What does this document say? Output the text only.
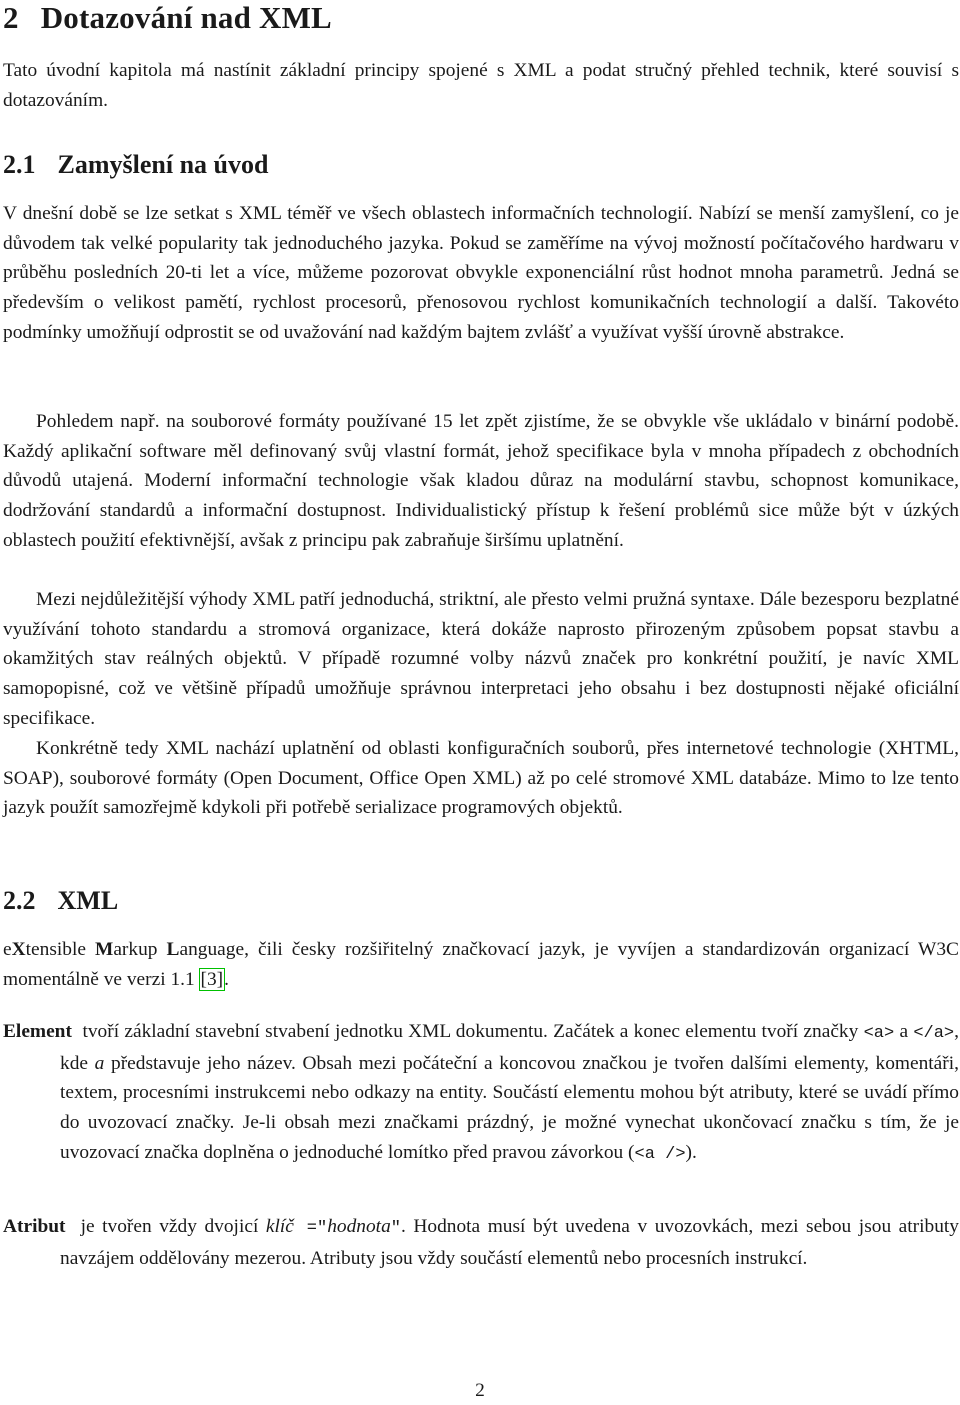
2 Dotazování nad XML

Tato úvodní kapitola má nastínit základní principy spojené s XML a podat stručný přehled technik, které souvisí s dotazováním.

2.1 Zamyšlení na úvod

V dnešní době se lze setkat s XML téměř ve všech oblastech informačních technologií. Nabízí se menší zamyšlení, co je důvodem tak velké popularity tak jednoduchého jazyka. Pokud se zaměříme na vývoj možností počítačového hardwaru v průběhu posledních 20-ti let a více, můžeme pozorovat obvykle exponenciální růst hodnot mnoha parametrů. Jedná se především o velikost pamětí, rychlost procesorů, přenosovou rychlost komunikačních technologií a další. Takovéto podmínky umožňují odprostit se od uvažování nad každým bajtem zvlášť a využívat vyšší úrovně abstrakce.

Pohledem např. na souborové formáty používané 15 let zpět zjistíme, že se obvykle vše ukládalo v binární podobě. Každý aplikační software měl definovaný svůj vlastní formát, jehož specifikace byla v mnoha případech z obchodních důvodů utajená. Moderní informační technologie však kladou důraz na modulární stavbu, schopnost komunikace, dodržování standardů a informační dostupnost. Individualistický přístup k řešení problémů sice může být v úzkých oblastech použití efektivnější, avšak z principu pak zabraňuje širšímu uplatnění.

Mezi nejdůležitější výhody XML patří jednoduchá, striktní, ale přesto velmi pružná syntaxe. Dále bezesporu bezplatné využívání tohoto standardu a stromová organizace, která dokáže naprosto přirozeným způsobem popsat stavbu a okamžitých stav reálných objektů. V případě rozumné volby názvů značek pro konkrétní použití, je navíc XML samopopisné, což ve většině případů umožňuje správnou interpretaci jeho obsahu i bez dostupnosti nějaké oficiální specifikace.

Konkrétně tedy XML nachází uplatnění od oblasti konfiguračních souborů, přes internetové technologie (XHTML, SOAP), souborové formáty (Open Document, Office Open XML) až po celé stromové XML databáze. Mimo to lze tento jazyk použít samozřejmě kdykoli při potřebě serializace programových objektů.

2.2 XML

eXtensible Markup Language, čili česky rozšiřitelný značkovací jazyk, je vyvíjen a standardizován organizací W3C momentálně ve verzi 1.1 [3].

Element tvoří základní stavební stvabení jednotku XML dokumentu. Začátek a konec elementu tvoří značky <a> a </a>, kde a představuje jeho název. Obsah mezi počáteční a koncovou značkou je tvořen dalšími elementy, komentáři, textem, procesními instrukcemi nebo odkazy na entity. Součástí elementu mohou být atributy, které se uvádí přímo do uvozovací značky. Je-li obsah mezi značkami prázdný, je možné vynechat ukončovací značku s tím, že je uvozovací značka doplněna o jednoduché lomítko před pravou závorkou (<a />).

Atribut je tvořen vždy dvojicí klíč ="hodnota". Hodnota musí být uvedena v uvozovkách, mezi sebou jsou atributy navzájem oddělovány mezerou. Atributy jsou vždy součástí elementů nebo procesních instrukcí.

2
